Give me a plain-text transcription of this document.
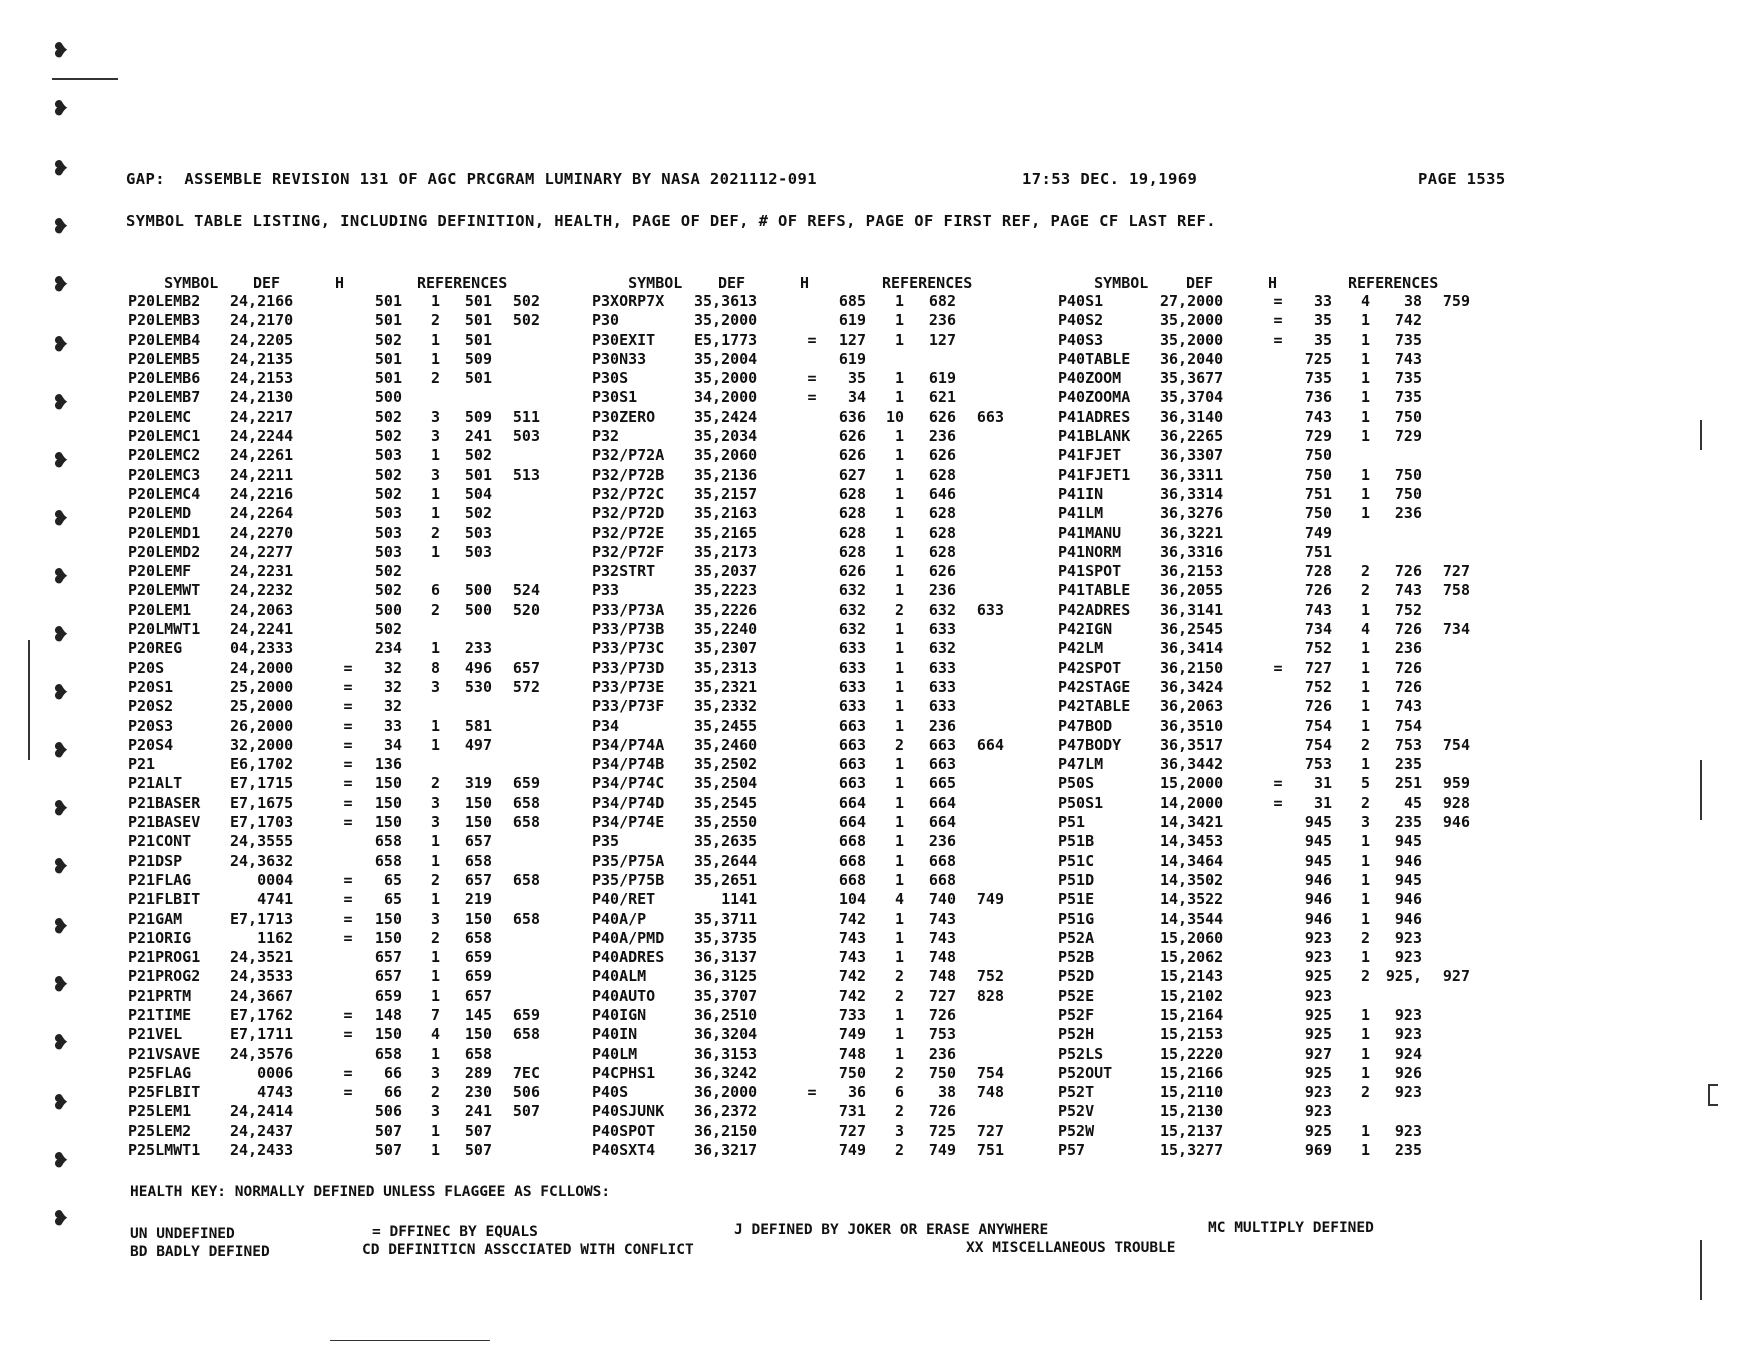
❥
❥
❥
❥
❥
❥
❥
❥
❥
❥
❥
❥
❥
❥
❥
❥
❥
❥
❥
❥
❥
GAP:  ASSEMBLE REVISION 131 OF AGC PRCGRAM LUMINARY BY NASA 2021112-091	17:53 DEC. 19,1969	PAGE 1535
SYMBOL TABLE LISTING, INCLUDING DEFINITION, HEALTH, PAGE OF DEF, # OF REFS, PAGE OF FIRST REF, PAGE CF LAST REF.

SYMBOL DEF	H	REFERENCES

	SYMBOL DEF	H	REFERENCES

	SYMBOL	DEF	H	REFERENCES

P20LEMB2 24,2166	501	1	501	502
P20LEMB3 24,2170	501	2	501	502
P20LEMB4 24,2205	502	1	501
P20LEMB5 24,2135	501	1	509
P20LEMB6 24,2153	501	2	501
P20LEMB7 24,2130	500
P20LEMC	24,2217	502	3	509	511
P20LEMC1 24,2244	502	3	241	503
P20LEMC2 24,2261	503	1	502
P20LEMC3 24,2211	502	3	501	513
P20LEMC4 24,2216	502	1	504
P20LEMD	24,2264	503	1	502
P20LEMD1 24,2270	503	2	503
P20LEMD2 24,2277	503	1	503
P20LEMF	24,2231	502
P20LEMWT 24,2232	502	6	500	524
P20LEM1	24,2063	500	2	500	520
P20LMWT1 24,2241	502
P20REG	04,2333	234	1	233
P20S	24,2000	=	32	8	496	657
P20S1	25,2000	=	32	3	530	572
P20S2	25,2000	=	32
P20S3	26,2000	=	33	1	581
P20S4	32,2000	=	34	1	497
P21	E6,1702	=	136
P21ALT	E7,1715	=	150	2	319	659
P21BASER E7,1675	=	150	3	150	658
P21BASEV E7,1703	=	150	3	150	658
P21CONT	24,3555	658	1	657
P21DSP	24,3632	658	1	658
P21FLAG	0004	=	65	2	657	658
P21FLBIT 4741	=	65	1	219
P21GAM	E7,1713	=	150	3	150	658
P21ORIG	1162	=	150	2	658
P21PROG1 24,3521	657	1	659
P21PROG2 24,3533	657	1	659
P21PRTM	24,3667	659	1	657
P21TIME	E7,1762	=	148	7	145	659
P21VEL	E7,1711	=	150	4	150	658
P21VSAVE 24,3576	658	1	658
P25FLAG	0006	=	66	3	289	7EC
P25FLBIT 4743	=	66	2	230	506
P25LEM1	24,2414	506	3	241	507
P25LEM2	24,2437	507	1	507
P25LMWT1 24,2433	507	1	507
P3XORP7X 35,3613	685	1	682
P30	35,2000	619	1	236
P30EXIT	E5,1773	=	127	1	127
P30N33	35,2004	619
P30S	35,2000	=	35	1	619
P30S1	34,2000	=	34	1	621
P30ZERO	35,2424	636 10	626	663
P32	35,2034	626	1	236
P32/P72A 35,2060	626	1	626
P32/P72B 35,2136	627	1	628
P32/P72C 35,2157	628	1	646
P32/P72D 35,2163	628	1	628
P32/P72E 35,2165	628	1	628
P32/P72F 35,2173	628	1	628
P32STRT	35,2037	626	1	626
P33	35,2223	632	1	236
P33/P73A 35,2226	632	2	632	633
P33/P73B 35,2240	632	1	633
P33/P73C 35,2307	633	1	632
P33/P73D 35,2313	633	1	633
P33/P73E 35,2321	633	1	633
P33/P73F 35,2332	633	1	633
P34	35,2455	663	1	236
P34/P74A 35,2460	663	2	663	664
P34/P74B 35,2502	663	1	663
P34/P74C 35,2504	663	1	665
P34/P74D 35,2545	664	1	664
P34/P74E 35,2550	664	1	664
P35	35,2635	668	1	236
P35/P75A 35,2644	668	1	668
P35/P75B 35,2651	668	1	668
P40/RET	1141	104	4	740	749
P40A/P	35,3711	742	1	743
P40A/PMD 35,3735	743	1	743
P40ADRES 36,3137	743	1	748
P40ALM	36,3125	742	2	748	752
P40AUTO	35,3707	742	2	727	828
P40IGN	36,2510	733	1	726
P40IN	36,3204	749	1	753
P40LM	36,3153	748	1	236
P4CPHS1	36,3242	750	2	750	754
P40S	36,2000	=	36	6	38	748
P40SJUNK 36,2372	731	2	726
P40SPOT	36,2150	727	3	725	727
P40SXT4	36,3217	749	2	749	751
P40S1	27,2000	=	33	4	38	759
P40S2	35,2000	=	35	1	742
P40S3	35,2000	=	35	1	735
P40TABLE 36,2040	725	1	743
P40ZOOM	35,3677	735	1	735
P40ZOOMA 35,3704	736	1	735
P41ADRES 36,3140	743	1	750
P41BLANK 36,2265	729	1	729
P41FJET	36,3307	750
P41FJET1 36,3311	750	1	750
P41IN	36,3314	751	1	750
P41LM	36,3276	750	1	236
P41MANU	36,3221	749
P41NORM	36,3316	751
P41SPOT	36,2153	728	2	726	727
P41TABLE 36,2055	726	2	743	758
P42ADRES 36,3141	743	1	752
P42IGN	36,2545	734	4	726	734
P42LM	36,3414	752	1	236
P42SPOT	36,2150	=	727	1	726
P42STAGE 36,3424	752	1	726
P42TABLE 36,2063	726	1	743
P47BOD	36,3510	754	1	754
P47BODY	36,3517	754	2	753	754
P47LM	36,3442	753	1	235
P50S	15,2000	=	31	5	251	959
P50S1	14,2000	=	31	2	45	928
P51	14,3421	945	3	235	946
P51B	14,3453	945	1	945
P51C	14,3464	945	1	946
P51D	14,3502	946	1	945
P51E	14,3522	946	1	946
P51G	14,3544	946	1	946
P52A	15,2060	923	2	923
P52B	15,2062	923	1	923
P52D	15,2143	925	2	925,	927
P52E	15,2102	923
P52F	15,2164	925	1	923
P52H	15,2153	925	1	923
P52LS	15,2220	927	1	924
P52OUT	15,2166	925	1	926
P52T	15,2110	923	2	923
P52V	15,2130	923
P52W	15,2137	925	1	923
P57	15,3277	969	1	235
HEALTH KEY: NORMALLY DEFINED UNLESS FLAGGEE AS FCLLOWS:
UN UNDEFINED	= DFFINEC BY EQUALS	J DEFINED BY JOKER OR ERASE ANYWHERE	MC MULTIPLY DEFINED
BD BADLY DEFINED	CD DEFINITICN ASSCCIATED WITH CONFLICT	XX MISCELLANEOUS TROUBLE
